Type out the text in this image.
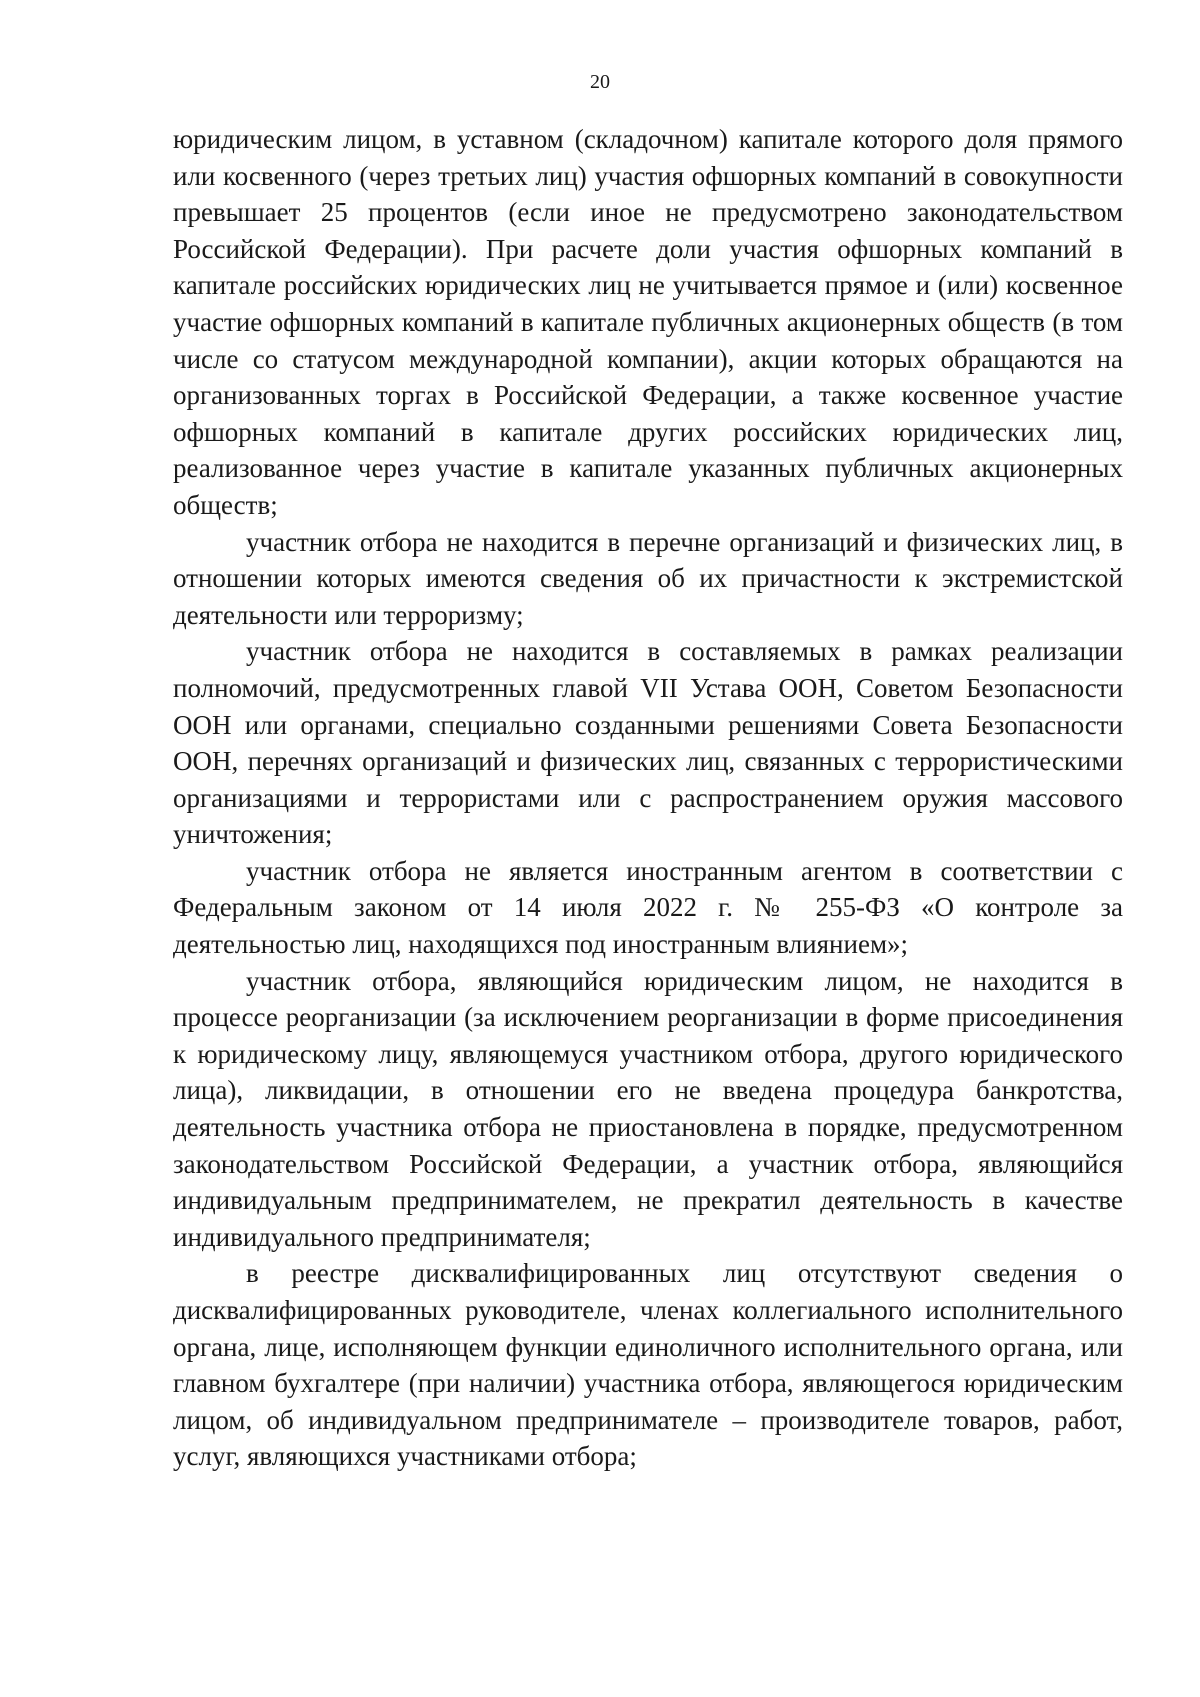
20

юридическим лицом, в уставном (складочном) капитале которого доля прямого или косвенного (через третьих лиц) участия офшорных компаний в совокупности превышает 25 процентов (если иное не предусмотрено законодательством Российской Федерации). При расчете доли участия офшорных компаний в капитале российских юридических лиц не учитывается прямое и (или) косвенное участие офшорных компаний в капитале публичных акционерных обществ (в том числе со статусом международной компании), акции которых обращаются на организованных торгах в Российской Федерации, а также косвенное участие офшорных компаний в капитале других российских юридических лиц, реализованное через участие в капитале указанных публичных акционерных обществ;

участник отбора не находится в перечне организаций и физических лиц, в отношении которых имеются сведения об их причастности к экстремистской деятельности или терроризму;

участник отбора не находится в составляемых в рамках реализации полномочий, предусмотренных главой VII Устава ООН, Советом Безопасности ООН или органами, специально созданными решениями Совета Безопасности ООН, перечнях организаций и физических лиц, связанных с террористическими организациями и террористами или с распространением оружия массового уничтожения;

участник отбора не является иностранным агентом в соответствии с Федеральным законом от 14 июля 2022 г. № 255-ФЗ «О контроле за деятельностью лиц, находящихся под иностранным влиянием»;

участник отбора, являющийся юридическим лицом, не находится в процессе реорганизации (за исключением реорганизации в форме присоединения к юридическому лицу, являющемуся участником отбора, другого юридического лица), ликвидации, в отношении его не введена процедура банкротства, деятельность участника отбора не приостановлена в порядке, предусмотренном законодательством Российской Федерации, а участник отбора, являющийся индивидуальным предпринимателем, не прекратил деятельность в качестве индивидуального предпринимателя;

в реестре дисквалифицированных лиц отсутствуют сведения о дисквалифицированных руководителе, членах коллегиального исполнительного органа, лице, исполняющем функции единоличного исполнительного органа, или главном бухгалтере (при наличии) участника отбора, являющегося юридическим лицом, об индивидуальном предпринимателе – производителе товаров, работ, услуг, являющихся участниками отбора;
